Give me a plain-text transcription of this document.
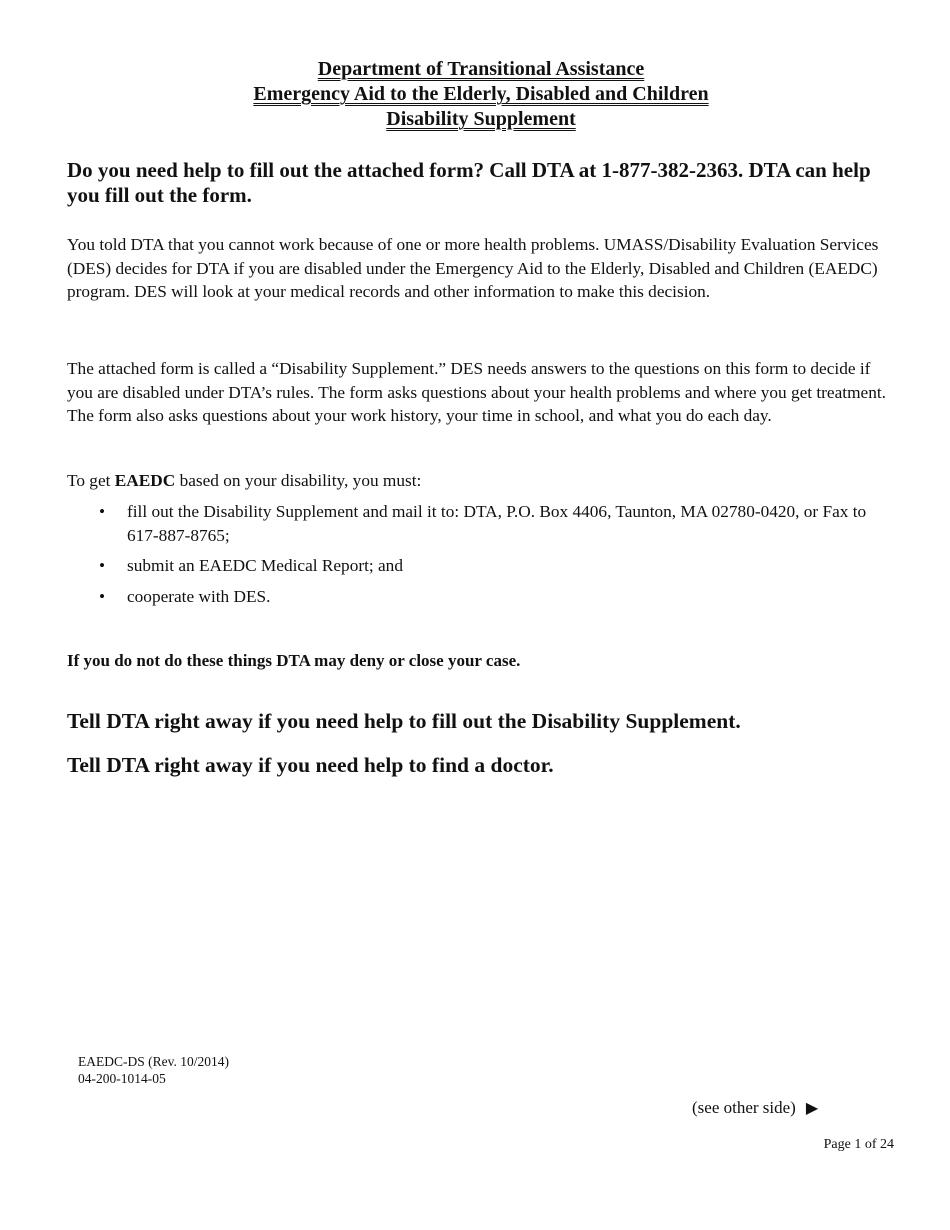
Department of Transitional Assistance

Emergency Aid to the Elderly, Disabled and Children

Disability Supplement

Do you need help to fill out the attached form? Call DTA at 1-877-382-2363. DTA can help you fill out the form.

You told DTA that you cannot work because of one or more health problems. UMASS/Disability Evaluation Services (DES) decides for DTA if you are disabled under the Emergency Aid to the Elderly, Disabled and Children (EAEDC) program. DES will look at your medical records and other information to make this decision.

The attached form is called a “Disability Supplement.” DES needs answers to the questions on this form to decide if you are disabled under DTA’s rules. The form asks questions about your health problems and where you get treatment. The form also asks questions about your work history, your time in school, and what you do each day.

To get EAEDC based on your disability, you must:

• fill out the Disability Supplement and mail it to: DTA, P.O. Box 4406, Taunton, MA 02780-0420, or Fax to 617-887-8765;
• submit an EAEDC Medical Report; and
• cooperate with DES.

If you do not do these things DTA may deny or close your case.

Tell DTA right away if you need help to fill out the Disability Supplement.

Tell DTA right away if you need help to find a doctor.

EAEDC-DS (Rev. 10/2014)
04-200-1014-05
(see other side) ▶
Page 1 of 24
